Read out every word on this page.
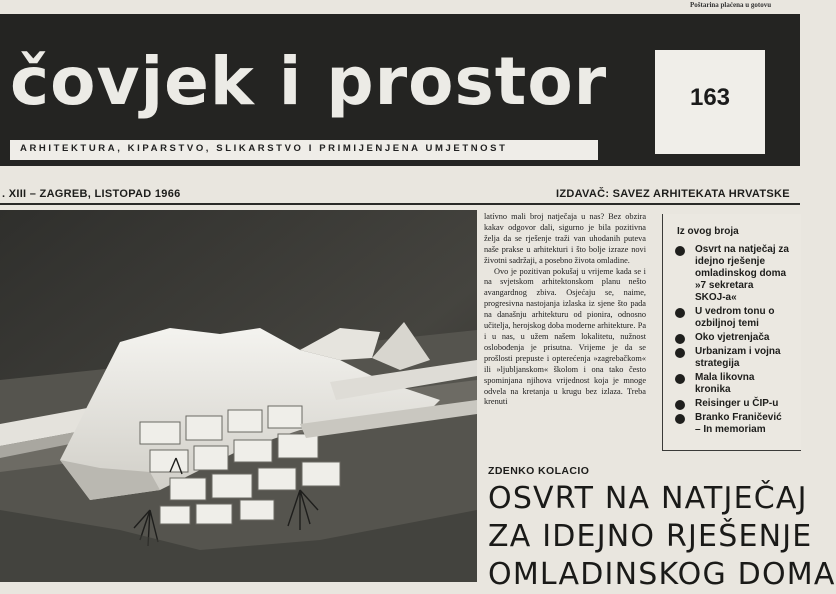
Poštarina plaćena u gotovu
čovjek i prostor	163
ARHITEKTURA, KIPARSTVO, SLIKARSTVO I PRIMIJENJENA UMJETNOST
. XIII – ZAGREB, LISTOPAD 1966	IZDAVAČ: SAVEZ ARHITEKATA HRVATSKE

latívno mali broj natječaja u nas? Bez obzira kakav odgovor dali, sigurno je bila pozitivna želja da se rješenje traži van uhodanih puteva naše prakse u arhitekturi i što bolje izraze novi životni sadržaji, a posebno života omladine.

Ovo je pozitivan pokušaj u vrijeme kada se i na svjetskom arhitektonskom planu nešto avangardnog zbiva. Osjećaju se, naime, progresivna nastojanja izlaska iz sjene što pada na današnju arhitekturu od pionira, odnosno učitelja, herojskog doba moderne arhitekture. Pa i u nas, u užem našem lokalitetu, nužnost oslobođenja je prisutna. Vrijeme je da se prošlosti prepuste i opterećenja »zagrebačkom« ili »ljubljanskom« školom i ona tako često spominjana njihova vrijednost koja je mnoge odvela na kretanja u krugu bez izlaza. Treba krenuti

Iz ovog broja
Osvrt na natječaj za
idejno rješenje
omladinskog doma
»7 sekretara
SKOJ-a«
U vedrom tonu o
ozbiljnoj temi
Oko vjetrenjača
Urbanizam i vojna
strategija
Mala likovna
kronika
Reisinger u ČIP-u
Branko Franičević
– In memoriam
ZDENKO KOLACIO
OSVRT NA NATJEČAJ
ZA IDEJNO RJEŠENJE
OMLADINSKOG DOMA
